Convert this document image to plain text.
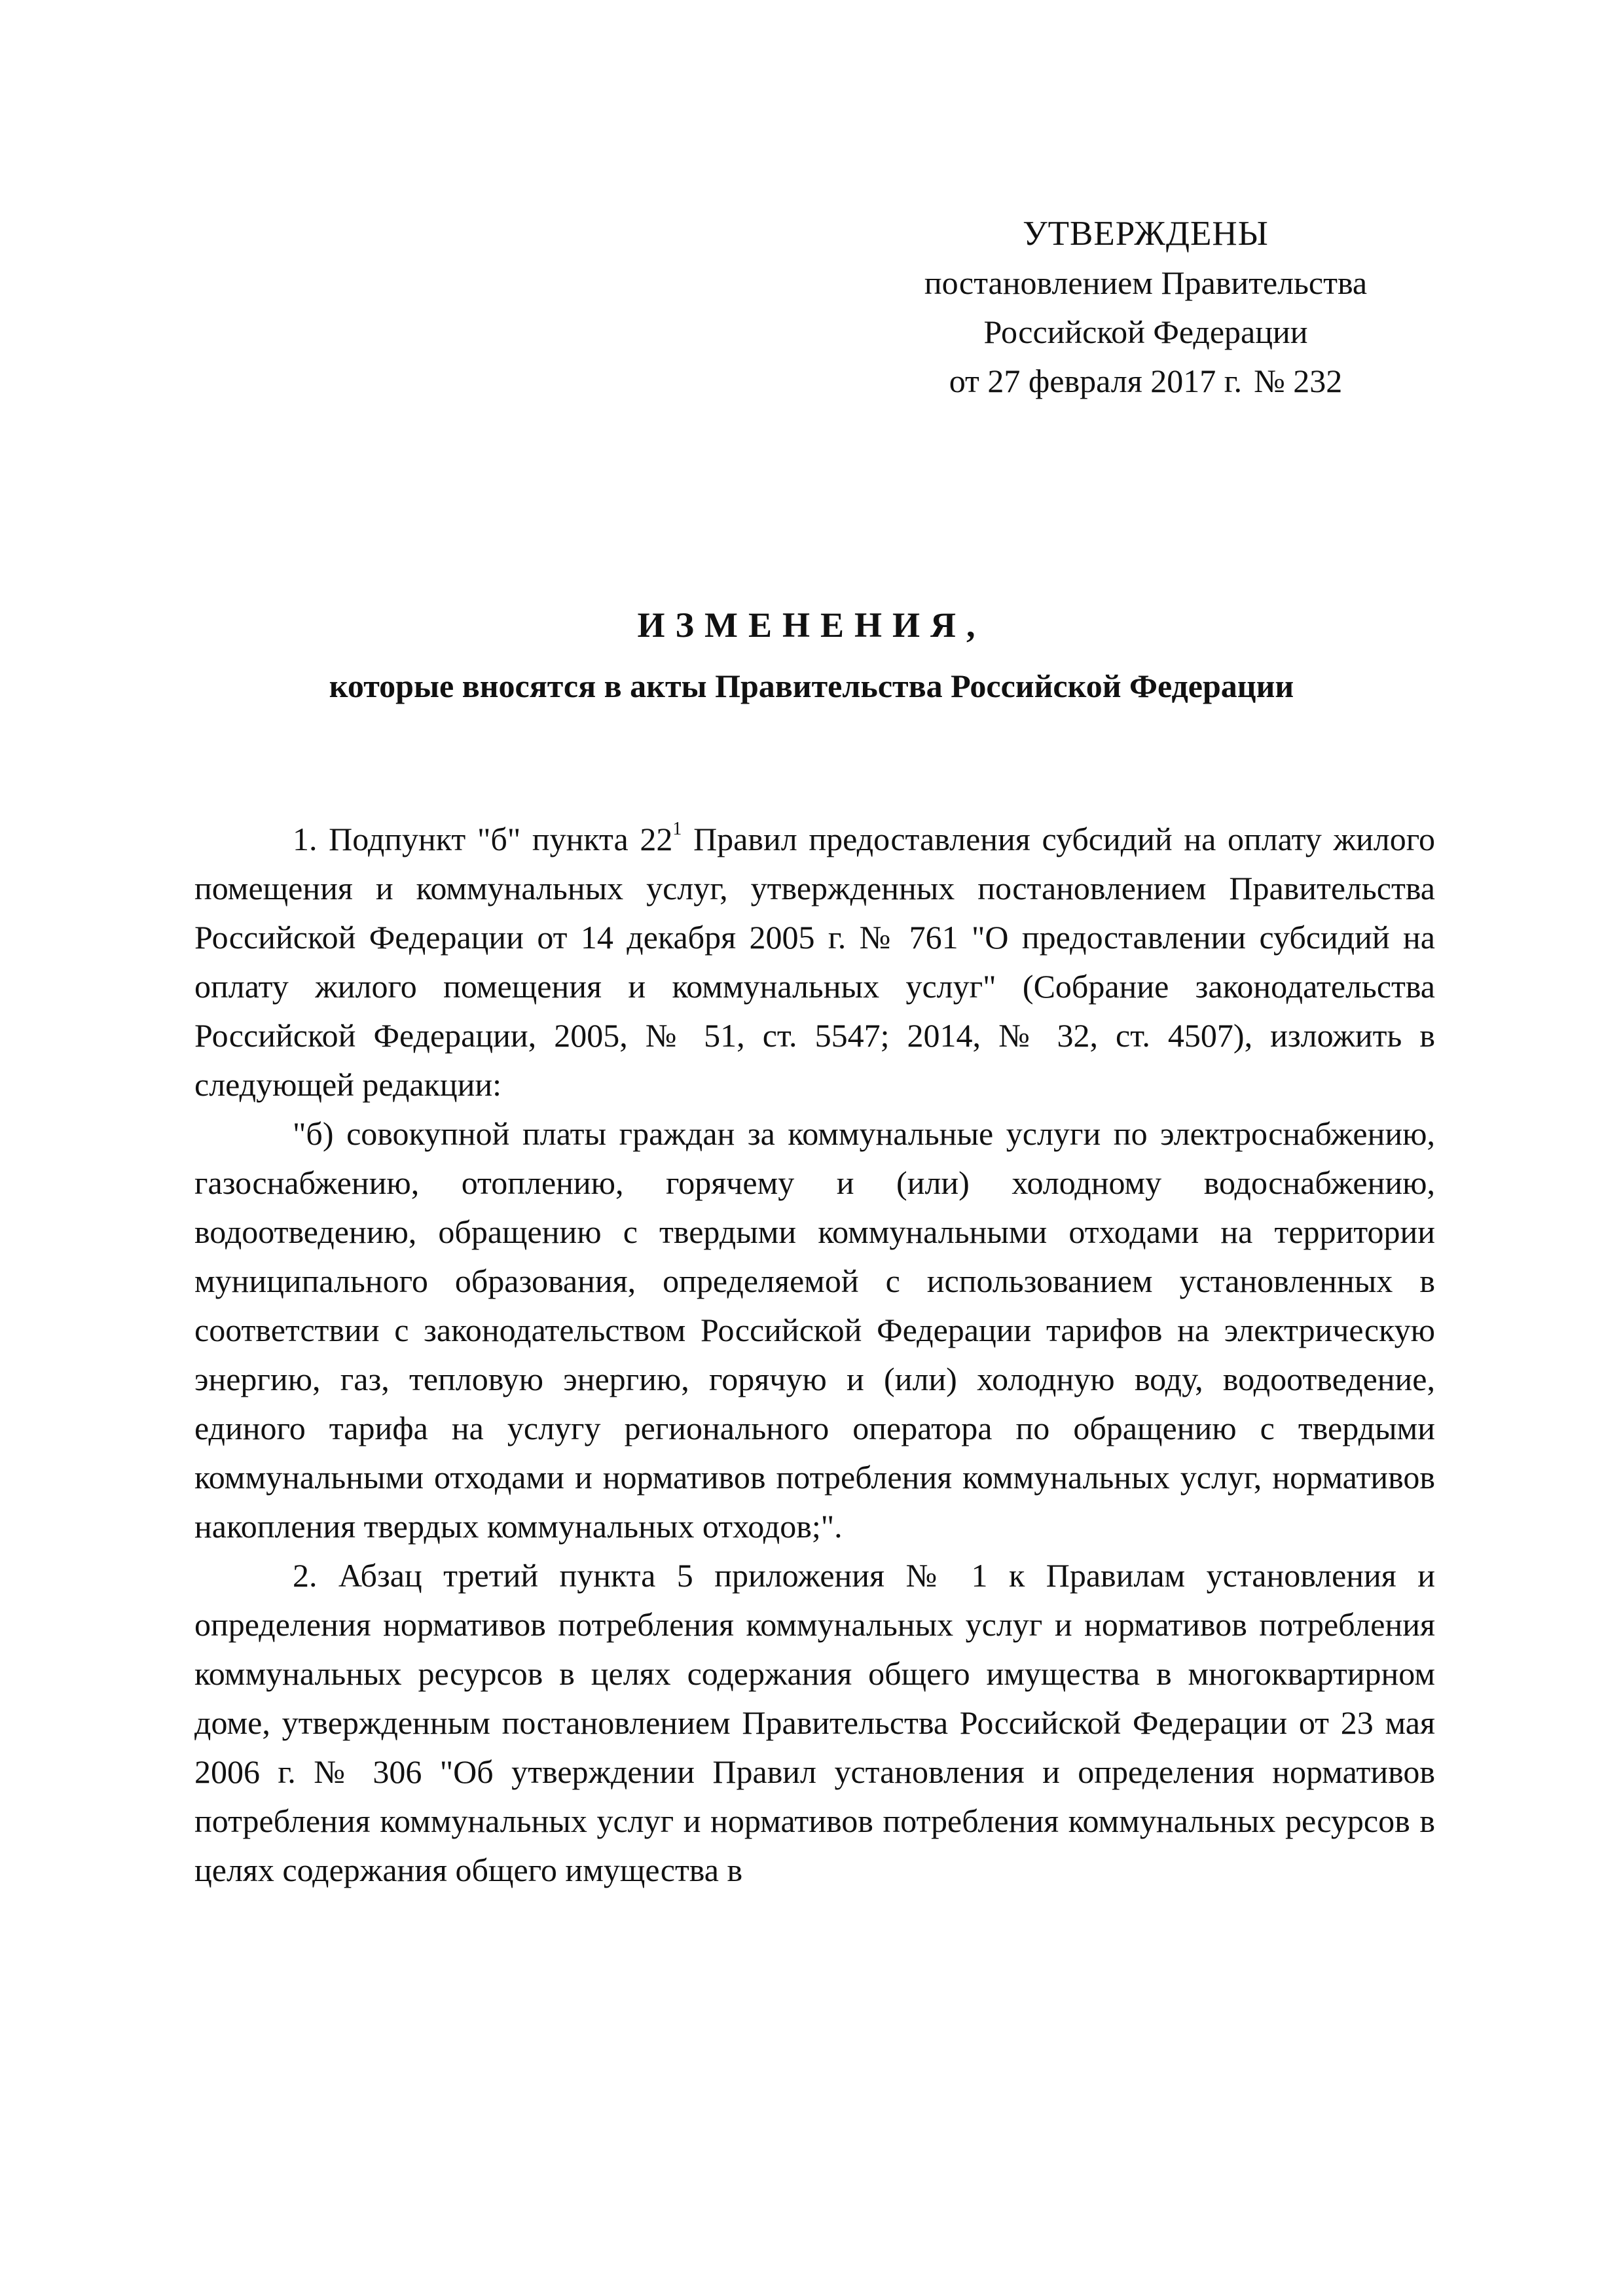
УТВЕРЖДЕНЫ
постановлением Правительства
Российской Федерации
от 27 февраля 2017 г. № 232
ИЗМЕНЕНИЯ,
которые вносятся в акты Правительства Российской Федерации

1. Подпункт "б" пункта $22^1$ Правил предоставления субсидий на оплату жилого помещения и коммунальных услуг, утвержденных постановлением Правительства Российской Федерации от 14 декабря 2005 г. № 761 "О предоставлении субсидий на оплату жилого помещения и коммунальных услуг" (Собрание законодательства Российской Федерации, 2005, № 51, ст. 5547; 2014, № 32, ст. 4507), изложить в следующей редакции:

"б) совокупной платы граждан за коммунальные услуги по электроснабжению, газоснабжению, отоплению, горячему и (или) холодному водоснабжению, водоотведению, обращению с твердыми коммунальными отходами на территории муниципального образования, определяемой с использованием установленных в соответствии с законодательством Российской Федерации тарифов на электрическую энергию, газ, тепловую энергию, горячую и (или) холодную воду, водоотведение, единого тарифа на услугу регионального оператора по обращению с твердыми коммунальными отходами и нормативов потребления коммунальных услуг, нормативов накопления твердых коммунальных отходов;".

2. Абзац третий пункта 5 приложения № 1 к Правилам установления и определения нормативов потребления коммунальных услуг и нормативов потребления коммунальных ресурсов в целях содержания общего имущества в многоквартирном доме, утвержденным постановлением Правительства Российской Федерации от 23 мая 2006 г. № 306 "Об утверждении Правил установления и определения нормативов потребления коммунальных услуг и нормативов потребления коммунальных ресурсов в целях содержания общего имущества в
